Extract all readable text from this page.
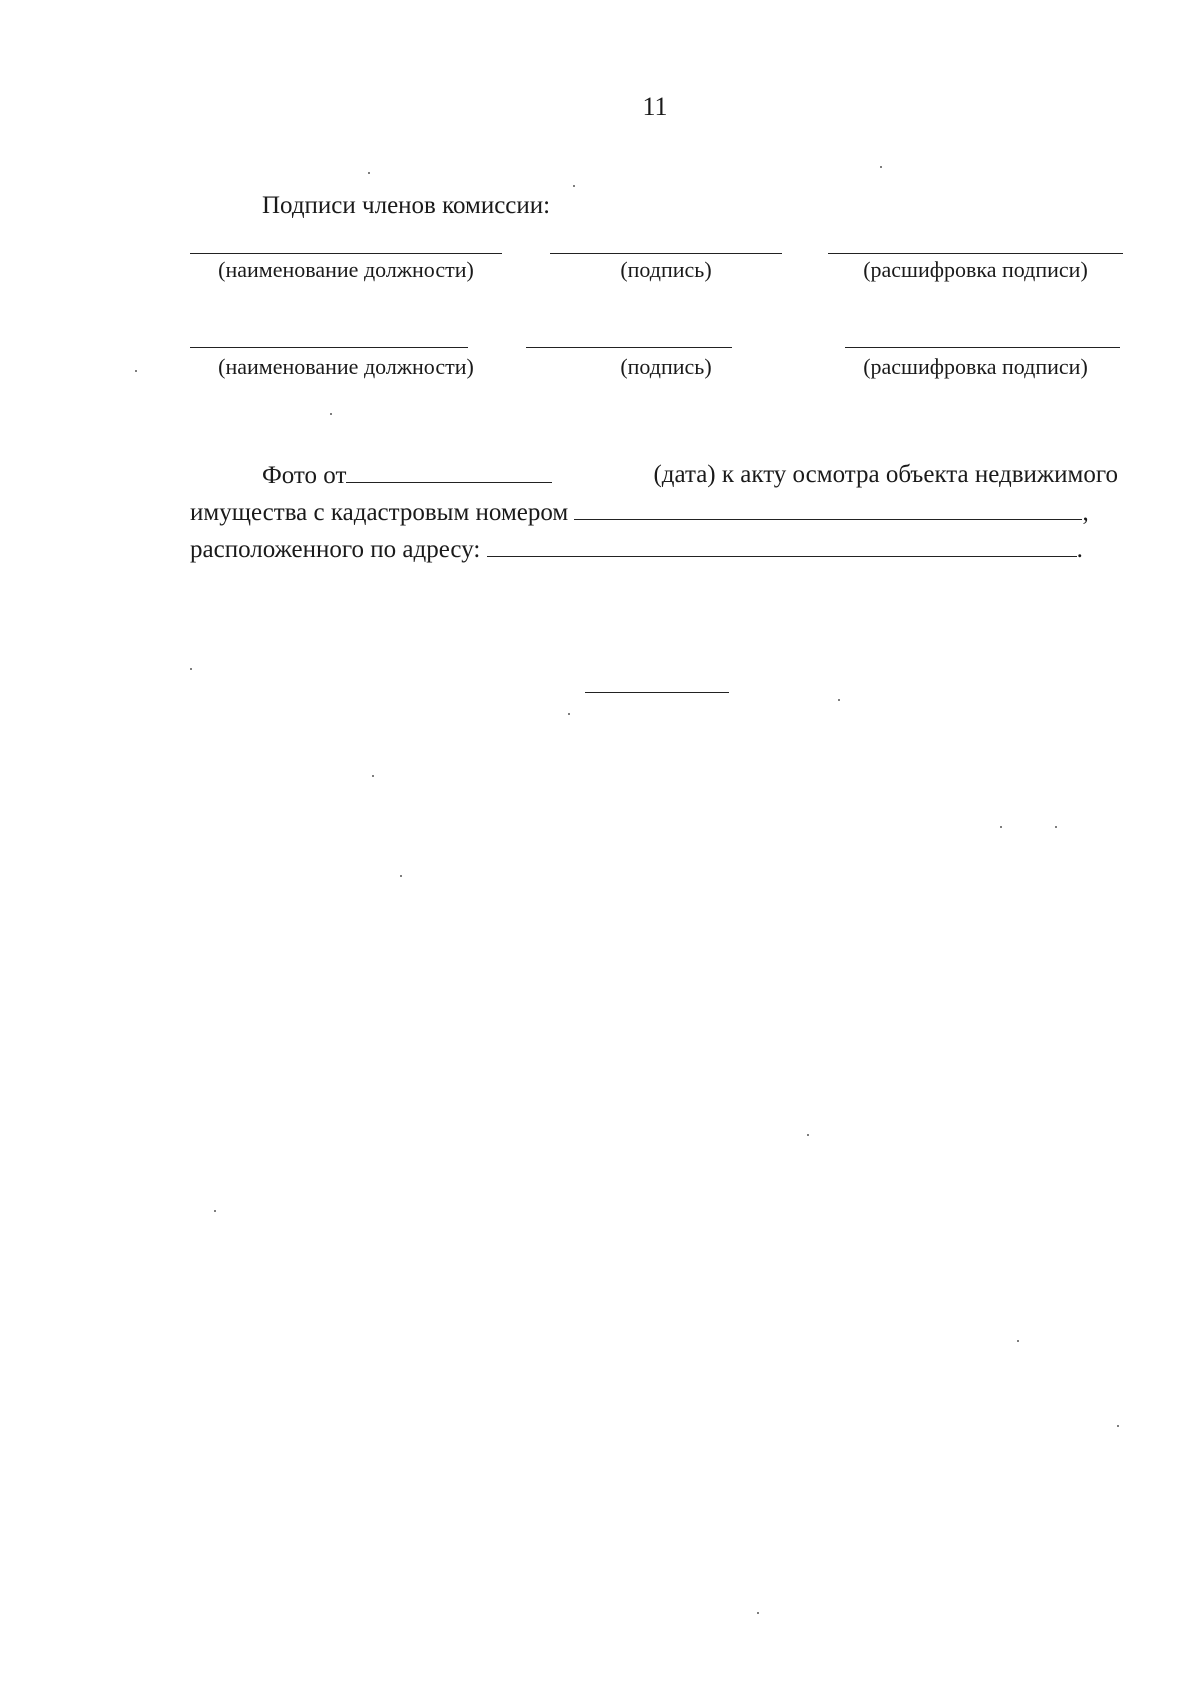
11
Подписи членов комиссии:
(наименование должности)	(подпись)	(расшифровка подписи)
(наименование должности)	(подпись)	(расшифровка подписи)
Фото от	(дата) к акту осмотра объекта недвижимого
имущества с кадастровым номером	,
расположенного по адресу:	.
